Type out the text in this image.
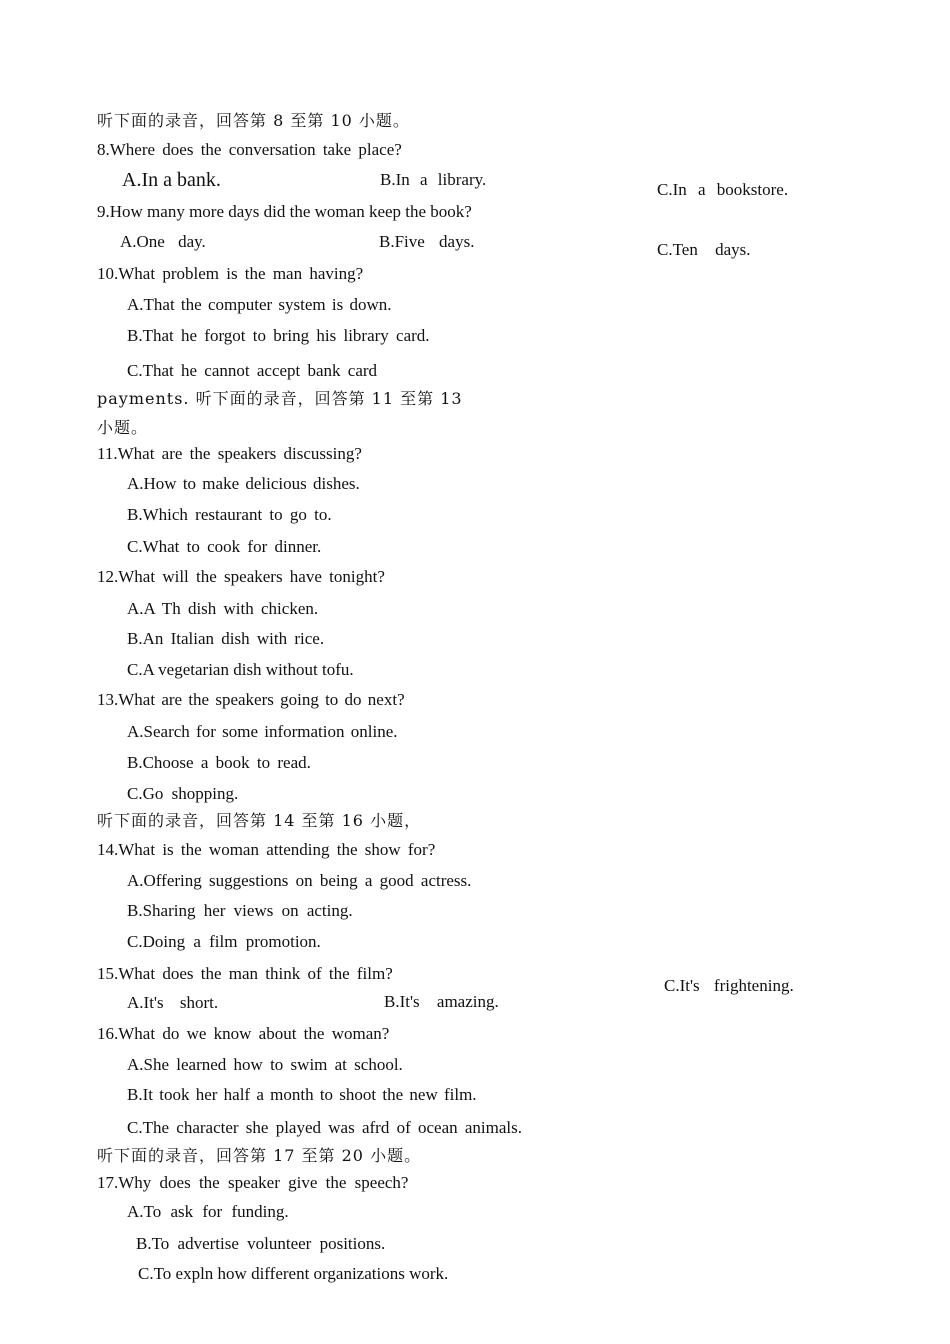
听下面的录音，回答第 8 至第 10 小题。
8.Where does the conversation take place?
A.In a bank.	B.In a library.
C.In a bookstore.
9.How many more days did the woman keep the book?
A.One day.	B.Five days.	C.Ten days.
10.What problem is the man having?
A.That the computer system is down.
B.That he forgot to bring his library card.
C.That he cannot accept bank card
payments. 听下面的录音，回答第 11 至第 13
小题。
11.What are the speakers discussing?
A.How to make delicious dishes.
B.Which restaurant to go to.
C.What to cook for dinner.
12.What will the speakers have tonight?
A.A Th dish with chicken.
B.An Italian dish with rice.
C.A vegetarian dish without tofu.
13.What are the speakers going to do next?
A.Search for some information online.
B.Choose a book to read.
C.Go shopping.
听下面的录音，回答第 14 至第 16 小题，
14.What is the woman attending the show for?
A.Offering suggestions on being a good actress.
B.Sharing her views on acting.
C.Doing a film promotion.
15.What does the man think of the film?
A.It's short.	B.It's amazing.
C.It's frightening.
16.What do we know about the woman?
A.She learned how to swim at school.
B.It took her half a month to shoot the new film.
C.The character she played was afrd of ocean animals.
听下面的录音，回答第 17 至第 20 小题。
17.Why does the speaker give the speech?
A.To ask for funding.
B.To advertise volunteer positions.
C.To expln how different organizations work.
